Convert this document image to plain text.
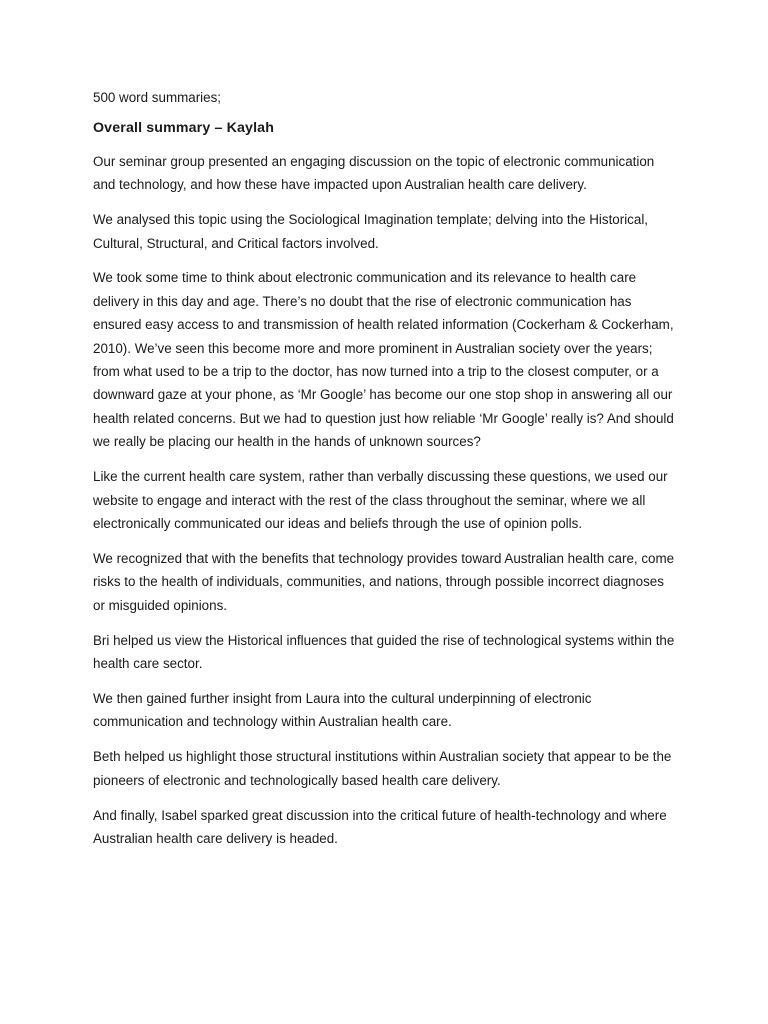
500 word summaries;

Overall summary – Kaylah

Our seminar group presented an engaging discussion on the topic of electronic communication and technology, and how these have impacted upon Australian health care delivery.

We analysed this topic using the Sociological Imagination template; delving into the Historical, Cultural, Structural, and Critical factors involved.

We took some time to think about electronic communication and its relevance to health care delivery in this day and age. There’s no doubt that the rise of electronic communication has ensured easy access to and transmission of health related information (Cockerham & Cockerham, 2010). We’ve seen this become more and more prominent in Australian society over the years; from what used to be a trip to the doctor, has now turned into a trip to the closest computer, or a downward gaze at your phone, as ‘Mr Google’ has become our one stop shop in answering all our health related concerns. But we had to question just how reliable ‘Mr Google’ really is? And should we really be placing our health in the hands of unknown sources?

Like the current health care system, rather than verbally discussing these questions, we used our website to engage and interact with the rest of the class throughout the seminar, where we all electronically communicated our ideas and beliefs through the use of opinion polls.

We recognized that with the benefits that technology provides toward Australian health care, come risks to the health of individuals, communities, and nations, through possible incorrect diagnoses or misguided opinions.

Bri helped us view the Historical influences that guided the rise of technological systems within the health care sector.

We then gained further insight from Laura into the cultural underpinning of electronic communication and technology within Australian health care.

Beth helped us highlight those structural institutions within Australian society that appear to be the pioneers of electronic and technologically based health care delivery.

And finally, Isabel sparked great discussion into the critical future of health-technology and where Australian health care delivery is headed.
